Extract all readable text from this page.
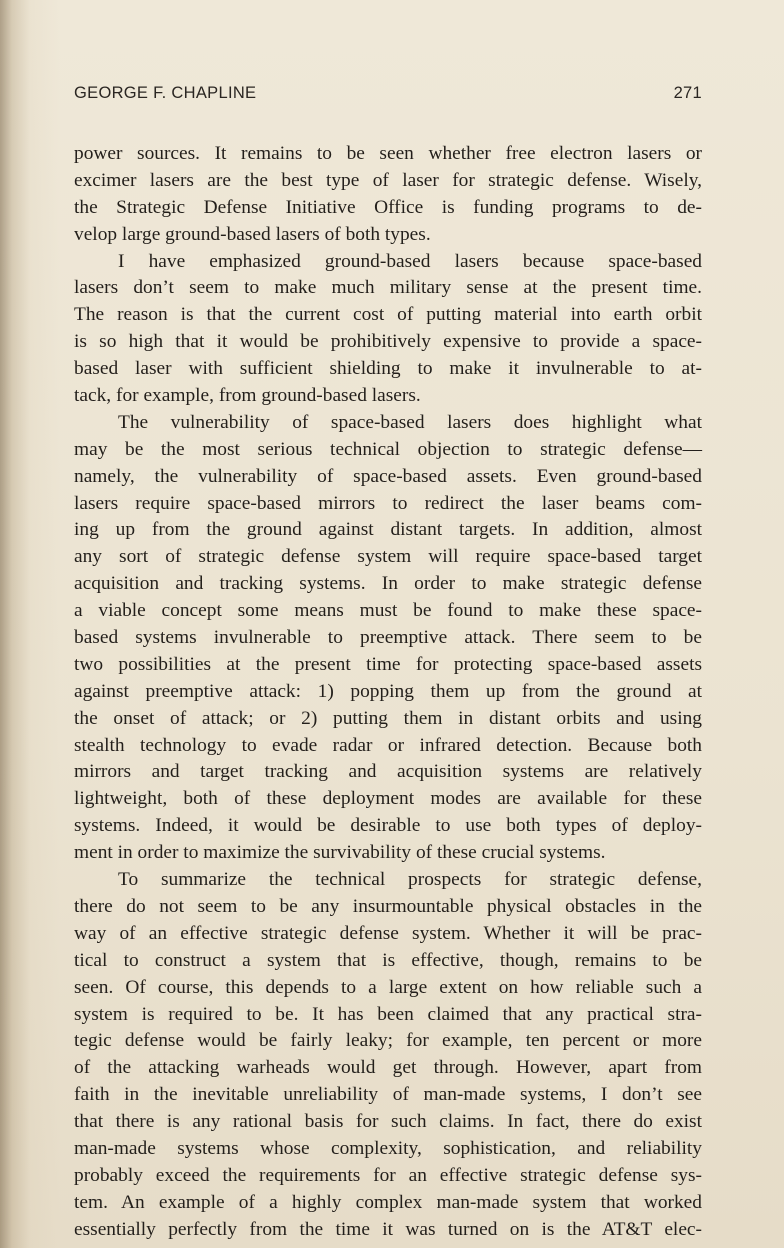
GEORGE F. CHAPLINE	271
power sources. It remains to be seen whether free electron lasers or
excimer lasers are the best type of laser for strategic defense. Wisely,
the Strategic Defense Initiative Office is funding programs to de-
velop large ground-based lasers of both types.
I have emphasized ground-based lasers because space-based
lasers don’t seem to make much military sense at the present time.
The reason is that the current cost of putting material into earth orbit
is so high that it would be prohibitively expensive to provide a space-
based laser with sufficient shielding to make it invulnerable to at-
tack, for example, from ground-based lasers.
The vulnerability of space-based lasers does highlight what
may be the most serious technical objection to strategic defense—
namely, the vulnerability of space-based assets. Even ground-based
lasers require space-based mirrors to redirect the laser beams com-
ing up from the ground against distant targets. In addition, almost
any sort of strategic defense system will require space-based target
acquisition and tracking systems. In order to make strategic defense
a viable concept some means must be found to make these space-
based systems invulnerable to preemptive attack. There seem to be
two possibilities at the present time for protecting space-based assets
against preemptive attack: 1) popping them up from the ground at
the onset of attack; or 2) putting them in distant orbits and using
stealth technology to evade radar or infrared detection. Because both
mirrors and target tracking and acquisition systems are relatively
lightweight, both of these deployment modes are available for these
systems. Indeed, it would be desirable to use both types of deploy-
ment in order to maximize the survivability of these crucial systems.
To summarize the technical prospects for strategic defense,
there do not seem to be any insurmountable physical obstacles in the
way of an effective strategic defense system. Whether it will be prac-
tical to construct a system that is effective, though, remains to be
seen. Of course, this depends to a large extent on how reliable such a
system is required to be. It has been claimed that any practical stra-
tegic defense would be fairly leaky; for example, ten percent or more
of the attacking warheads would get through. However, apart from
faith in the inevitable unreliability of man-made systems, I don’t see
that there is any rational basis for such claims. In fact, there do exist
man-made systems whose complexity, sophistication, and reliability
probably exceed the requirements for an effective strategic defense sys-
tem. An example of a highly complex man-made system that worked
essentially perfectly from the time it was turned on is the AT&T elec-
